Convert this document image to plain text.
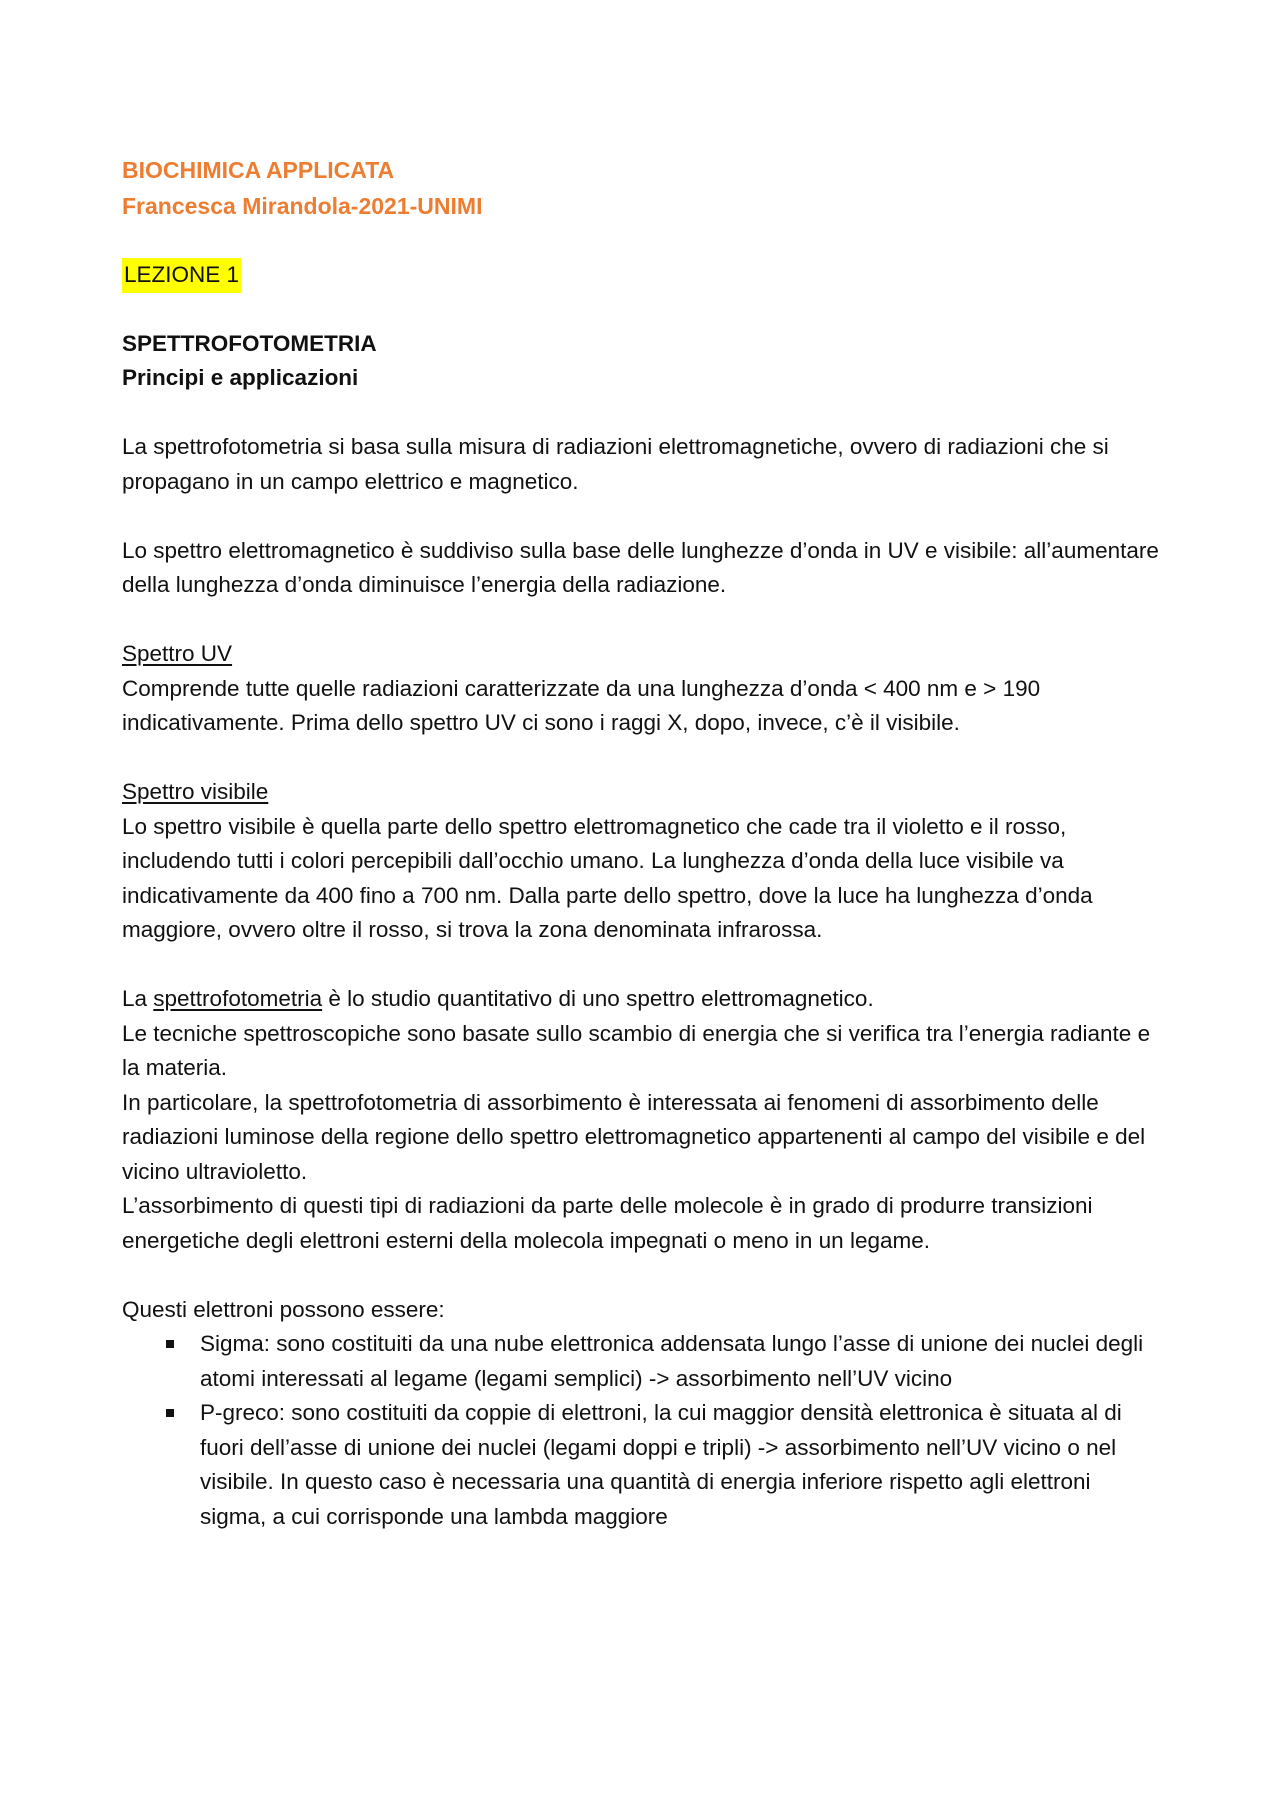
BIOCHIMICA APPLICATA

Francesca Mirandola-2021-UNIMI

LEZIONE 1

SPETTROFOTOMETRIA

Principi e applicazioni

La spettrofotometria si basa sulla misura di radiazioni elettromagnetiche, ovvero di radiazioni che si propagano in un campo elettrico e magnetico.

Lo spettro elettromagnetico è suddiviso sulla base delle lunghezze d’onda in UV e visibile: all’aumentare della lunghezza d’onda diminuisce l’energia della radiazione.

Spettro UV

Comprende tutte quelle radiazioni caratterizzate da una lunghezza d’onda < 400 nm e > 190 indicativamente. Prima dello spettro UV ci sono i raggi X, dopo, invece, c’è il visibile.

Spettro visibile

Lo spettro visibile è quella parte dello spettro elettromagnetico che cade tra il violetto e il rosso, includendo tutti i colori percepibili dall’occhio umano. La lunghezza d’onda della luce visibile va indicativamente da 400 fino a 700 nm. Dalla parte dello spettro, dove la luce ha lunghezza d’onda maggiore, ovvero oltre il rosso, si trova la zona denominata infrarossa.

La spettrofotometria è lo studio quantitativo di uno spettro elettromagnetico.

Le tecniche spettroscopiche sono basate sullo scambio di energia che si verifica tra l’energia radiante e la materia.

In particolare, la spettrofotometria di assorbimento è interessata ai fenomeni di assorbimento delle radiazioni luminose della regione dello spettro elettromagnetico appartenenti al campo del visibile e del vicino ultravioletto.

L’assorbimento di questi tipi di radiazioni da parte delle molecole è in grado di produrre transizioni energetiche degli elettroni esterni della molecola impegnati o meno in un legame.

Questi elettroni possono essere:

Sigma: sono costituiti da una nube elettronica addensata lungo l’asse di unione dei nuclei degli atomi interessati al legame (legami semplici) -> assorbimento nell’UV vicino
P-greco: sono costituiti da coppie di elettroni, la cui maggior densità elettronica è situata al di fuori dell’asse di unione dei nuclei (legami doppi e tripli) -> assorbimento nell’UV vicino o nel visibile. In questo caso è necessaria una quantità di energia inferiore rispetto agli elettroni sigma, a cui corrisponde una lambda maggiore
